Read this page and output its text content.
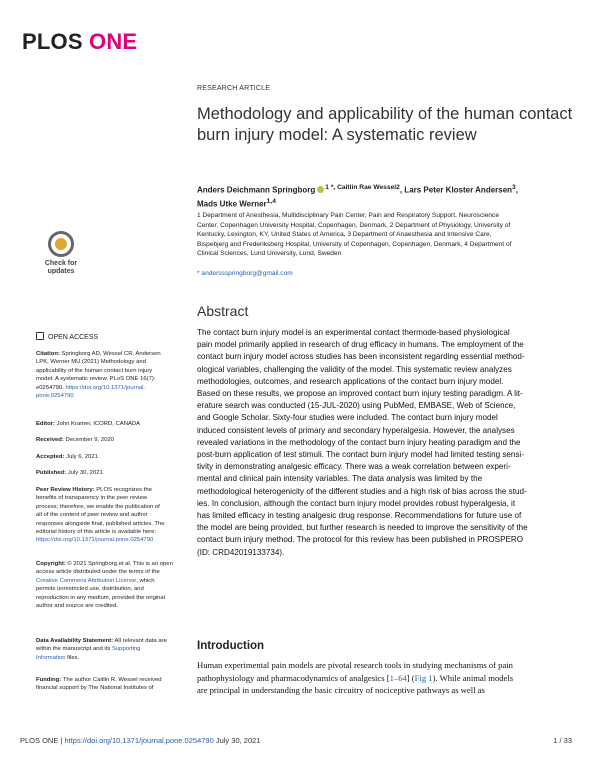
PLOS ONE
RESEARCH ARTICLE
Methodology and applicability of the human contact burn injury model: A systematic review
Anders Deichmann Springborg $^{1 *, Caitlin Rae Wessel2}$, Lars Peter Kloster Andersen$^3$,
Mads Utke Werner$^{1,4}$
1 Department of Anesthesia, Multidisciplinary Pain Center, Pain and Respiratory Support, Neuroscience
Center, Copenhagen University Hospital, Copenhagen, Denmark, 2 Department of Physiology, University of
Kentucky, Lexington, KY, United States of America, 3 Department of Anaesthesia and Intensive Care,
Bispebjerg and Frederiksberg Hospital, University of Copenhagen, Copenhagen, Denmark, 4 Department of
Clinical Sciences, Lund University, Lund, Sweden
* anderssspringborg@gmail.com
Abstract
The contact burn injury model is an experimental contact thermode-based physiological
pain model primarily applied in research of drug efficacy in humans. The employment of the
contact burn injury model across studies has been inconsistent regarding essential method-
ological variables, challenging the validity of the model. This systematic review analyzes
methodologies, outcomes, and research applications of the contact burn injury model.
Based on these results, we propose an improved contact burn injury testing paradigm. A lit-
erature search was conducted (15-JUL-2020) using PubMed, EMBASE, Web of Science,
and Google Scholar. Sixty-four studies were included. The contact burn injury model
induced consistent levels of primary and secondary hyperalgesia. However, the analyses
revealed variations in the methodology of the contact burn injury heating paradigm and the
post-burn application of test stimuli. The contact burn injury model had limited testing sensi-
tivity in demonstrating analgesic efficacy. There was a weak correlation between experi-
mental and clinical pain intensity variables. The data analysis was limited by the
methodological heterogenicity of the different studies and a high risk of bias across the stud-
ies. In conclusion, although the contact burn injury model provides robust hyperalgesia, it
has limited efficacy in testing analgesic drug response. Recommendations for future use of
the model are being provided, but further research is needed to improve the sensitivity of the
contact burn injury method. The protocol for this review has been published in PROSPERO
(ID: CRD42019133734).
Introduction
Human experimental pain models are pivotal research tools in studying mechanisms of pain
pathophysiology and pharmacodynamics of analgesics [1–64] (Fig 1). While animal models
are principal in understanding the basic circuitry of nociceptive pathways as well as
Check for
updates
OPEN ACCESS
Citation: Springborg AD, Wessel CR, Andersen
LPK, Werner MU (2021) Methodology and
applicability of the human contact burn injury
model: A systematic review. PLoS ONE 16(7):
e0254790. https://doi.org/10.1371/journal.
pone.0254790
Editor: John Kramer, ICORD, CANADA
Received: December 9, 2020
Accepted: July 6, 2021
Published: July 30, 2021
Peer Review History: PLOS recognizes the
benefits of transparency in the peer review
process; therefore, we enable the publication of
all of the content of peer review and author
responses alongside final, published articles. The
editorial history of this article is available here:
https://doi.org/10.1371/journal.pone.0254790
Copyright: © 2021 Springborg et al. This is an open
access article distributed under the terms of the
Creative Commons Attribution License, which
permits unrestricted use, distribution, and
reproduction in any medium, provided the original
author and source are credited.
Data Availability Statement: All relevant data are
within the manuscript and its Supporting
Information files.
Funding: The author Caitlin R. Wessel received
financial support by The National Institutes of
PLOS ONE | https://doi.org/10.1371/journal.pone.0254790 July 30, 2021	1 / 33
